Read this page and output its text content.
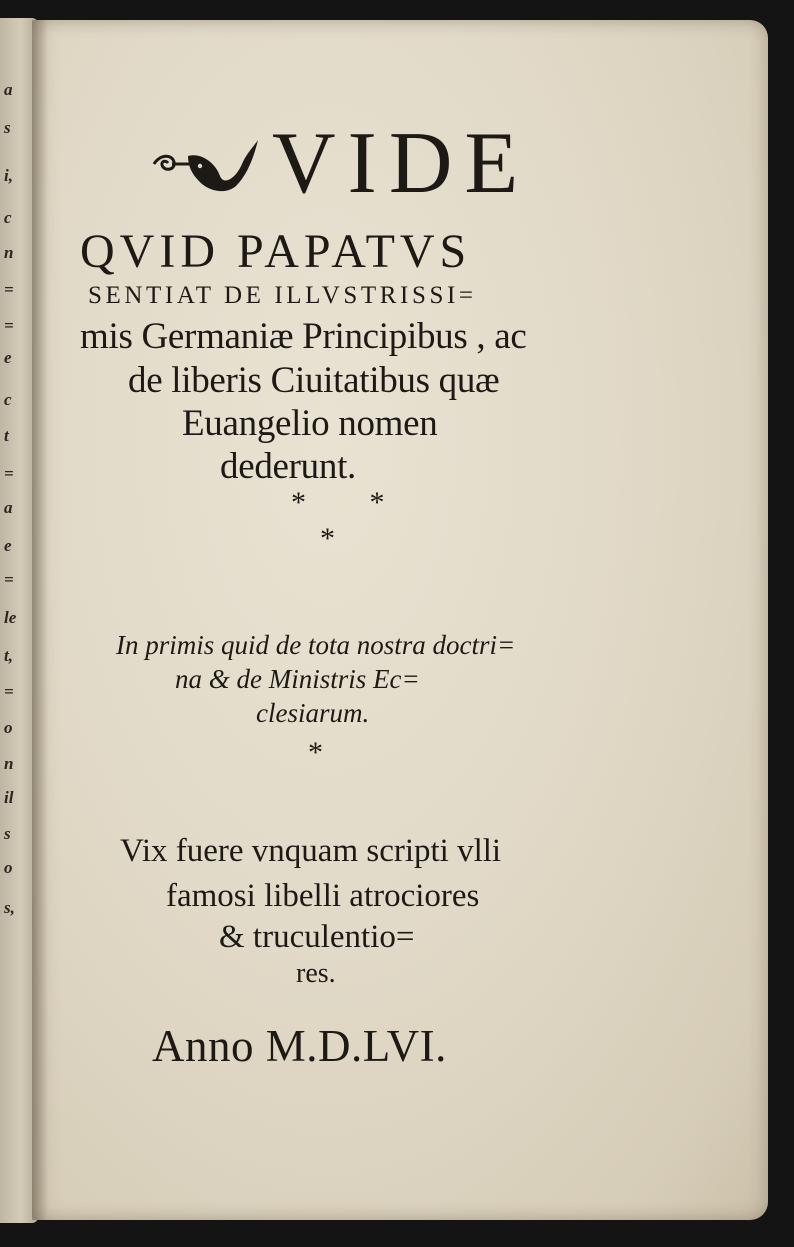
a
s
i,
c
n
=
=
e
c
t
=
a
e
=
le
t,
=
o
n
il
s
o
s,
VIDE
QVID PAPATVS
SENTIAT DE ILLVSTRISSI=
mis Germaniæ Principibus , ac
de liberis Ciuitatibus quæ
Euangelio nomen
dederunt.
* *
*
In primis quid de tota nostra doctri=
na & de Ministris Ec=
clesiarum.
*
Vix fuere vnquam scripti vlli
famosi libelli atrociores
& truculentio=
res.
Anno M.D.LVI.
